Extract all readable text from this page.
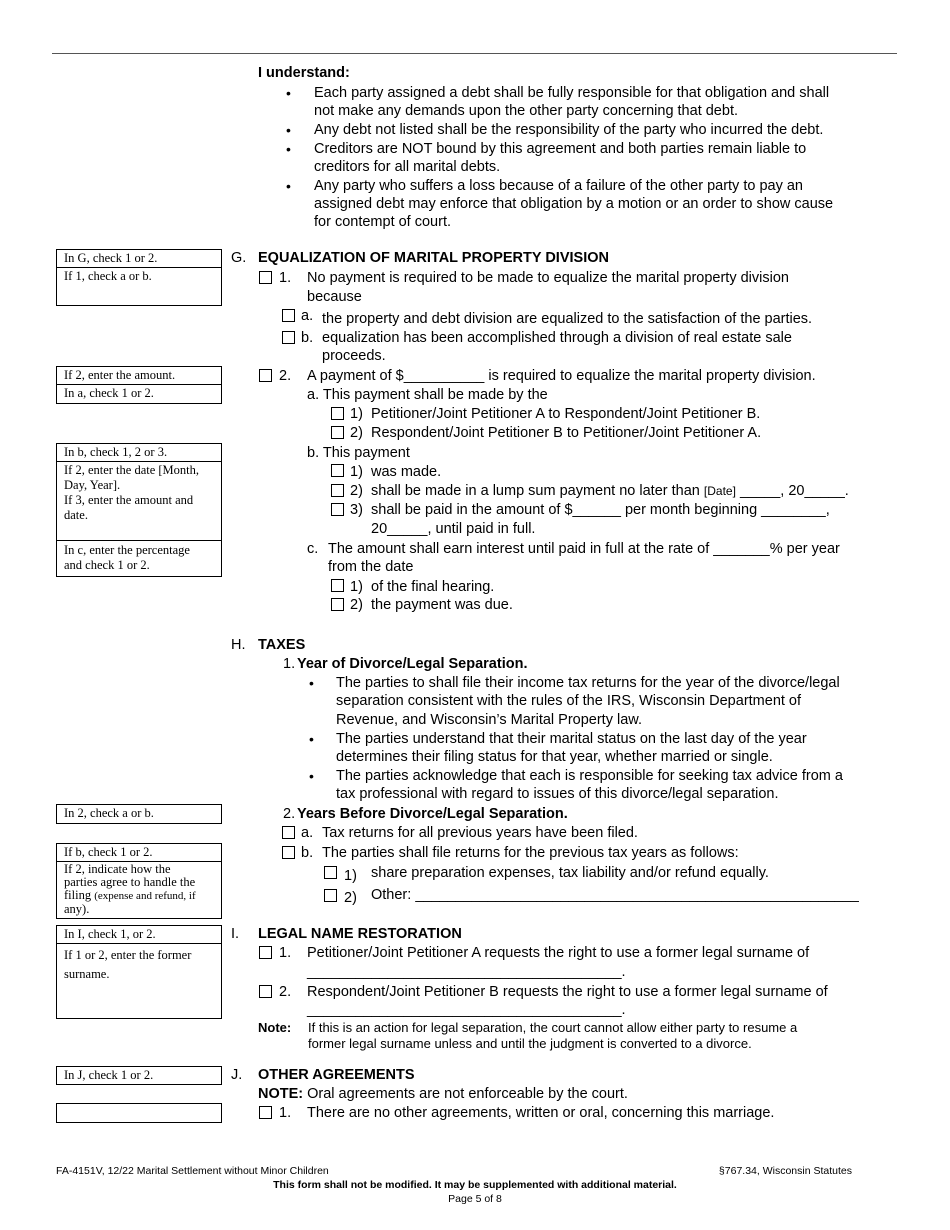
I understand:
• Each party assigned a debt shall be fully responsible for that obligation and shall
not make any demands upon the other party concerning that debt.
• Any debt not listed shall be the responsibility of the party who incurred the debt.
• Creditors are NOT bound by this agreement and both parties remain liable to
creditors for all marital debts.
• Any party who suffers a loss because of a failure of the other party to pay an
assigned debt may enforce that obligation by a motion or an order to show cause
for contempt of court.
In G, check 1 or 2.
If 1, check a or b.
If 2, enter the amount.
In a, check 1 or 2.
In b, check 1, 2 or 3.
If 2, enter the date [Month,
Day, Year].
If 3, enter the amount and
date.
In c, enter the percentage
and check 1 or 2.
In 2, check a or b.
If b, check 1 or 2.
If 2, indicate how the
parties agree to handle the
filing (expense and refund, if
any).
In I, check 1, or 2.
If 1 or 2, enter the former
surname.
In J, check 1 or 2.
G. EQUALIZATION OF MARITAL PROPERTY DIVISION
1. No payment is required to be made to equalize the marital property division
because
a. the property and debt division are equalized to the satisfaction of the parties.
b. equalization has been accomplished through a division of real estate sale
proceeds.
2. A payment of $__________ is required to equalize the marital property division.
a. This payment shall be made by the
1) Petitioner/Joint Petitioner A to Respondent/Joint Petitioner B.
2) Respondent/Joint Petitioner B to Petitioner/Joint Petitioner A.
b. This payment
1) was made.
2) shall be made in a lump sum payment no later than [Date] _____, 20_____.
3) shall be paid in the amount of $______ per month beginning ________,
20_____, until paid in full.
c. The amount shall earn interest until paid in full at the rate of _______% per year
from the date
1) of the final hearing.
2) the payment was due.
H. TAXES
1. Year of Divorce/Legal Separation.
• The parties to shall file their income tax returns for the year of the divorce/legal
separation consistent with the rules of the IRS, Wisconsin Department of
Revenue, and Wisconsin’s Marital Property law.
• The parties understand that their marital status on the last day of the year
determines their filing status for that year, whether married or single.
• The parties acknowledge that each is responsible for seeking tax advice from a
tax professional with regard to issues of this divorce/legal separation.
2. Years Before Divorce/Legal Separation.
a. Tax returns for all previous years have been filed.
b. The parties shall file returns for the previous tax years as follows:
1) share preparation expenses, tax liability and/or refund equally.
2) Other: _______________________________________________________
I. LEGAL NAME RESTORATION
1. Petitioner/Joint Petitioner A requests the right to use a former legal surname of
_______________________________________.
2. Respondent/Joint Petitioner B requests the right to use a former legal surname of
_______________________________________.
Note: If this is an action for legal separation, the court cannot allow either party to resume a
former legal surname unless and until the judgment is converted to a divorce.
J. OTHER AGREEMENTS
NOTE: Oral agreements are not enforceable by the court.
1. There are no other agreements, written or oral, concerning this marriage.
FA-4151V, 12/22 Marital Settlement without Minor Children	§767.34, Wisconsin Statutes
This form shall not be modified. It may be supplemented with additional material.
Page 5 of 8
